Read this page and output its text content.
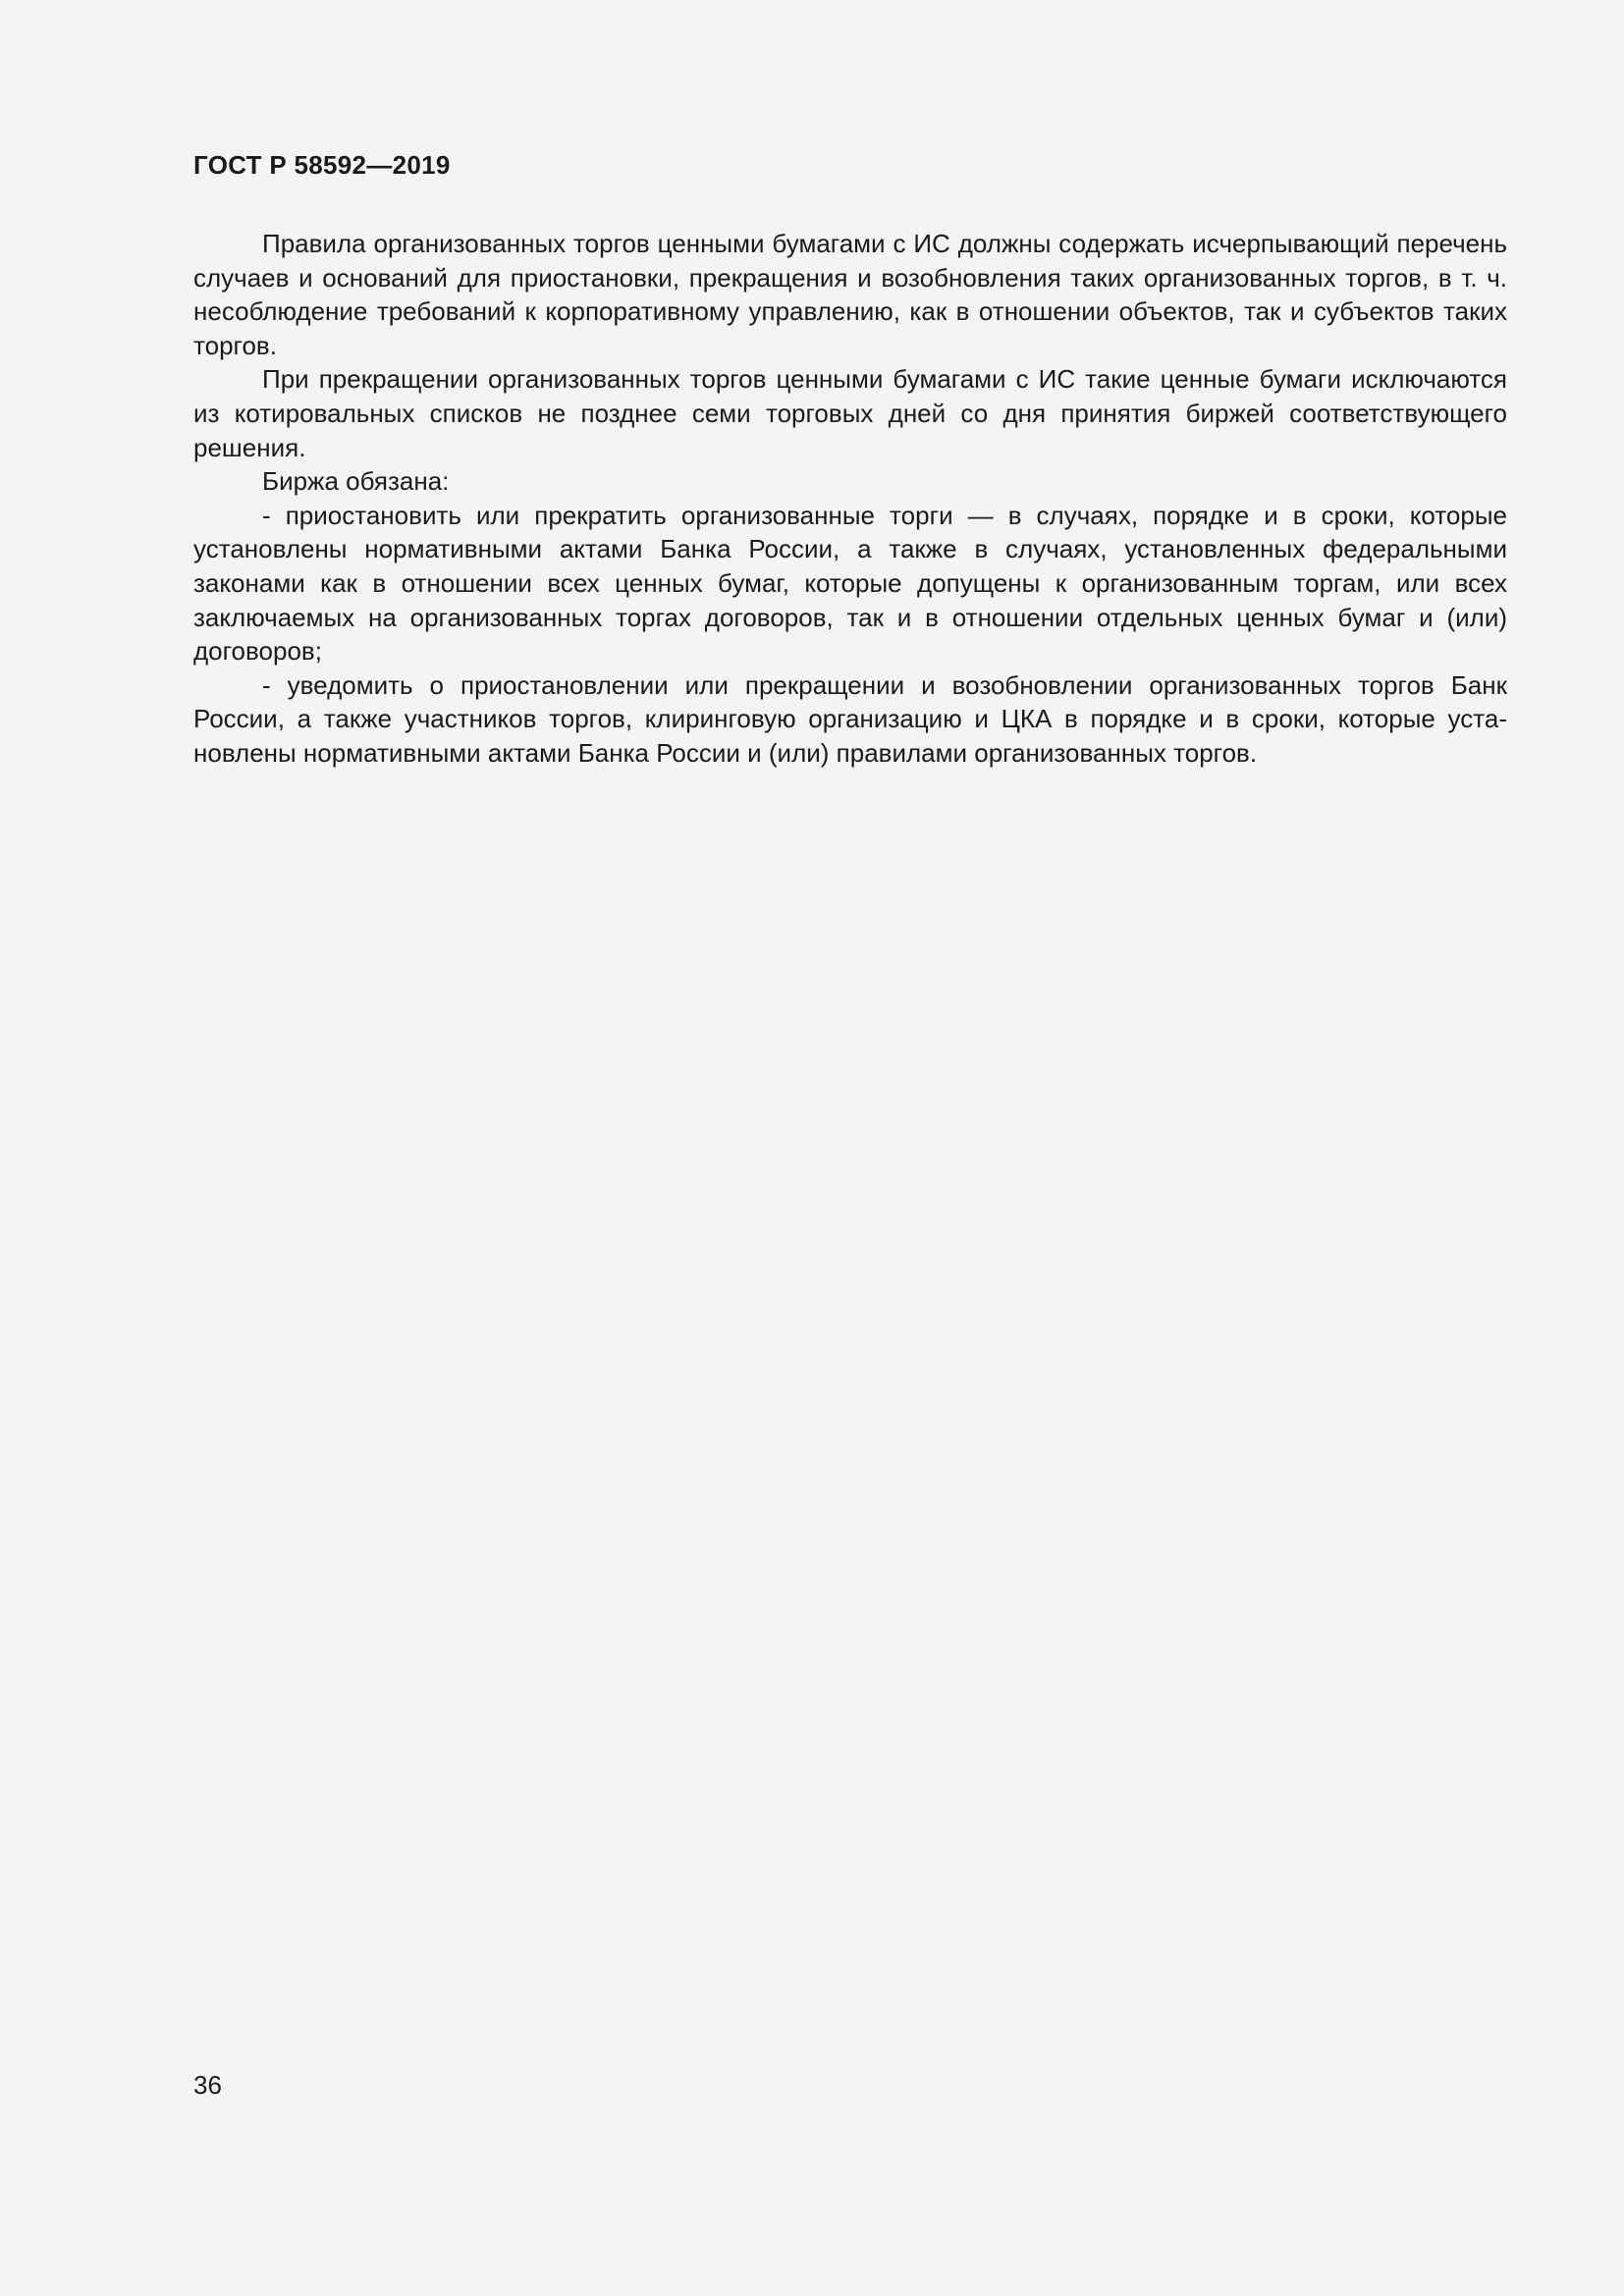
ГОСТ Р 58592—2019

Правила организованных торгов ценными бумагами с ИС должны содержать исчерпывающий перечень случаев и оснований для приостановки, прекращения и возобновления таких организованных торгов, в т. ч. несоблюдение требований к корпоративному управлению, как в отношении объектов, так и субъектов таких торгов.

При прекращении организованных торгов ценными бумагами с ИС такие ценные бумаги исключаются из котировальных списков не позднее семи торговых дней со дня принятия биржей соответствующего решения.

Биржа обязана:

- приостановить или прекратить организованные торги — в случаях, порядке и в сроки, которые установлены нормативными актами Банка России, а также в случаях, установленных федеральными законами как в отношении всех ценных бумаг, которые допущены к организованным торгам, или всех заключаемых на организованных торгах договоров, так и в отношении отдельных ценных бумаг и (или) договоров;

- уведомить о приостановлении или прекращении и возобновлении организованных торгов Банк России, а также участников торгов, клиринговую организацию и ЦКА в порядке и в сроки, которые установлены нормативными актами Банка России и (или) правилами организованных торгов.

36
